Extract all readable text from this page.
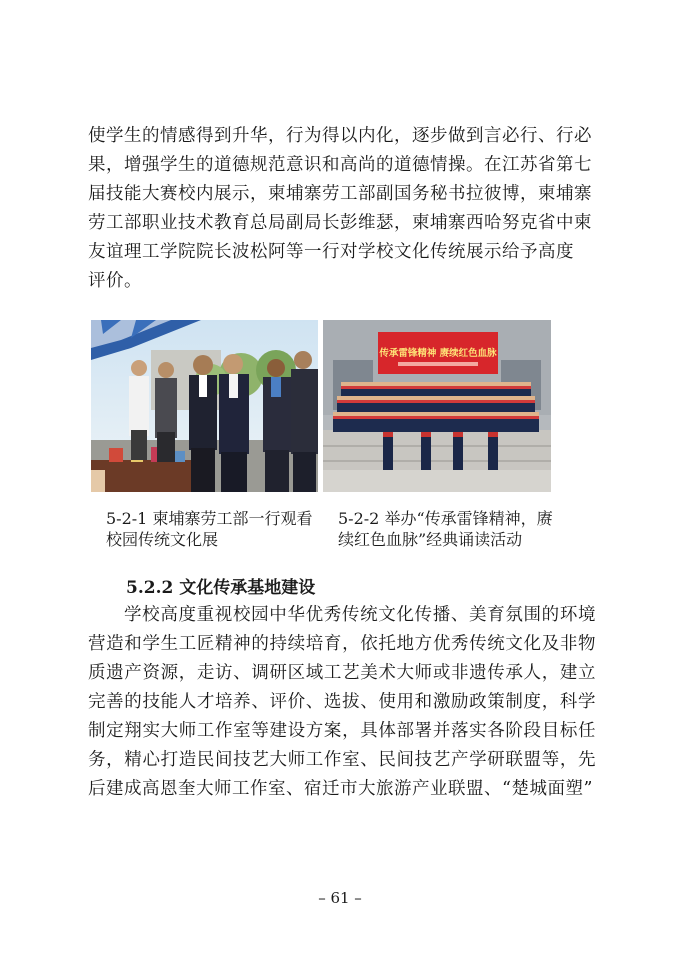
使学生的情感得到升华，行为得以内化，逐步做到言必行、行必

果，增强学生的道德规范意识和高尚的道德情操。在江苏省第七

届技能大赛校内展示，柬埔寨劳工部副国务秘书拉彼博，柬埔寨

劳工部职业技术教育总局副局长彭维瑟，柬埔寨西哈努克省中柬

友谊理工学院院长波松阿等一行对学校文化传统展示给予高度

评价。

传承雷锋精神 赓续红色血脉

5-2-1 柬埔寨劳工部一行观看校园传统文化展

5-2-2 举办“传承雷锋精神，赓续红色血脉”经典诵读活动

5.2.2 文化传承基地建设
学校高度重视校园中华优秀传统文化传播、美育氛围的环境营造和学生工匠精神的持续培育，依托地方优秀传统文化及非物质遗产资源，走访、调研区域工艺美术大师或非遗传承人，建立完善的技能人才培养、评价、选拔、使用和激励政策制度，科学制定翔实大师工作室等建设方案，具体部署并落实各阶段目标任务，精心打造民间技艺大师工作室、民间技艺产学研联盟等，先后建成高恩奎大师工作室、宿迁市大旅游产业联盟、“楚城面塑”
– 61 –
